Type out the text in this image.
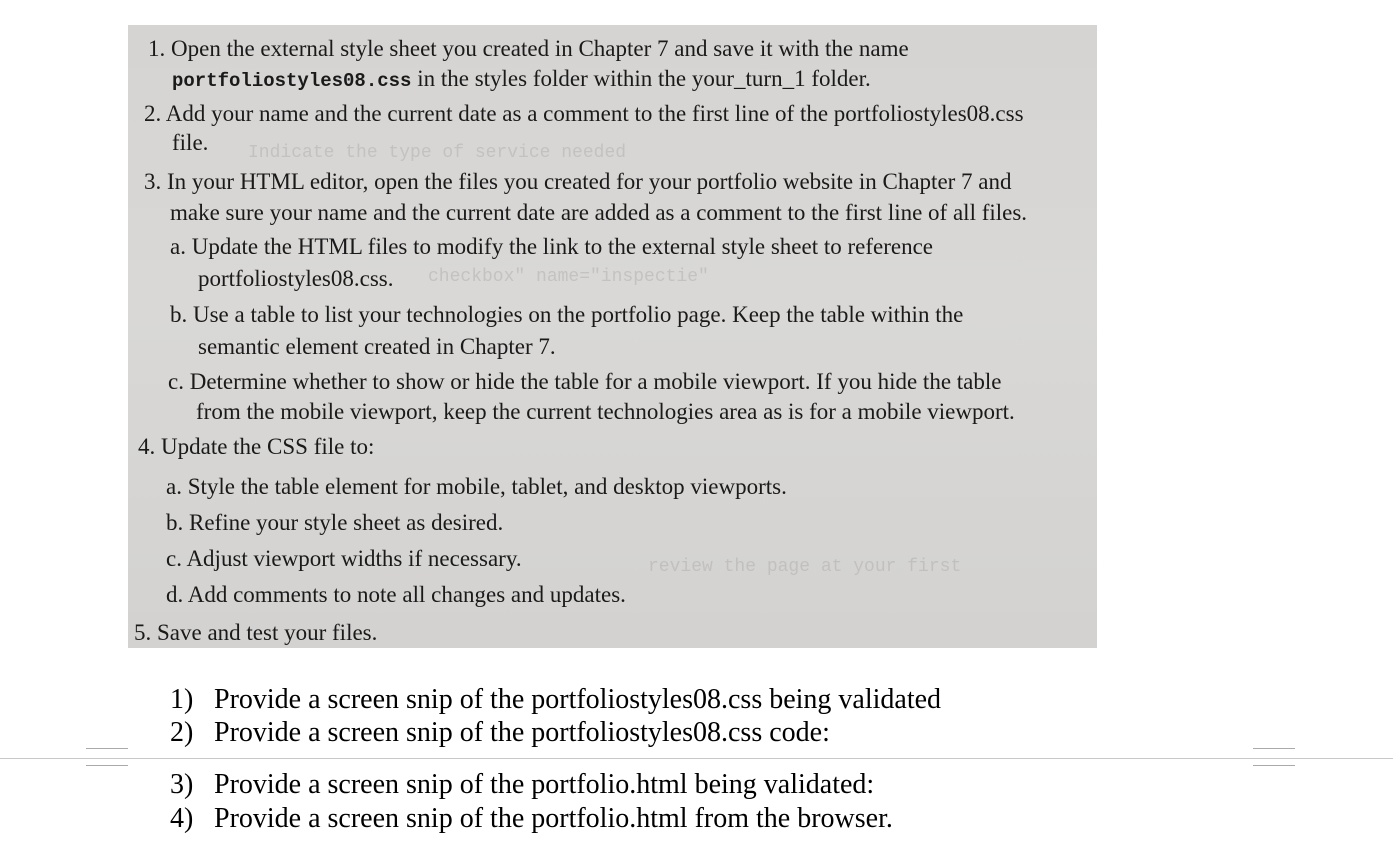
Indicate the type of service needed
checkbox" name="inspectie"
review the page at your first
1. Open the external style sheet you created in Chapter 7 and save it with the name
portfoliostyles08.css in the styles folder within the your_turn_1 folder.
2. Add your name and the current date as a comment to the first line of the portfoliostyles08.css
file.
3. In your HTML editor, open the files you created for your portfolio website in Chapter 7 and
make sure your name and the current date are added as a comment to the first line of all files.
a. Update the HTML files to modify the link to the external style sheet to reference
portfoliostyles08.css.
b. Use a table to list your technologies on the portfolio page. Keep the table within the
semantic element created in Chapter 7.
c. Determine whether to show or hide the table for a mobile viewport. If you hide the table
from the mobile viewport, keep the current technologies area as is for a mobile viewport.
4. Update the CSS file to:
a. Style the table element for mobile, tablet, and desktop viewports.
b. Refine your style sheet as desired.
c. Adjust viewport widths if necessary.
d. Add comments to note all changes and updates.
5. Save and test your files.
1) Provide a screen snip of the portfoliostyles08.css being validated
2) Provide a screen snip of the portfoliostyles08.css code:
3) Provide a screen snip of the portfolio.html being validated:
4) Provide a screen snip of the portfolio.html from the browser.
